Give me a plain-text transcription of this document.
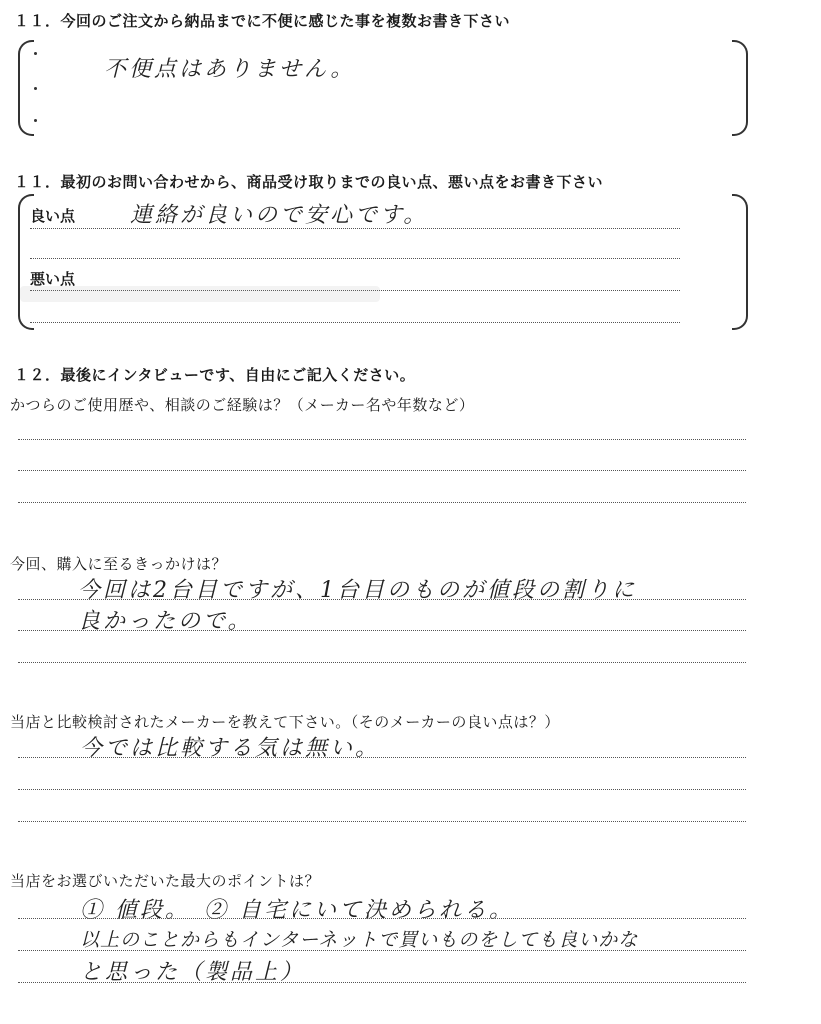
１１．今回のご注文から納品までに不便に感じた事を複数お書き下さい
不便点はありません。
１１．最初のお問い合わせから、商品受け取りまでの良い点、悪い点をお書き下さい
良い点 連絡が良いので安心です。
悪い点
１２．最後にインタビューです、自由にご記入ください。
かつらのご使用歴や、相談のご経験は？（メーカー名や年数など）
今回、購入に至るきっかけは？
今回は2台目ですが、1台目のものが値段の割りに
良かったので。
当店と比較検討されたメーカーを教えて下さい。（そのメーカーの良い点は？）
今では比較する気は無い。
当店をお選びいただいた最大のポイントは？
① 値段。　② 自宅にいて決められる。
以上のことからもインターネットで買いものをしても良いかな
と思った（製品上）
